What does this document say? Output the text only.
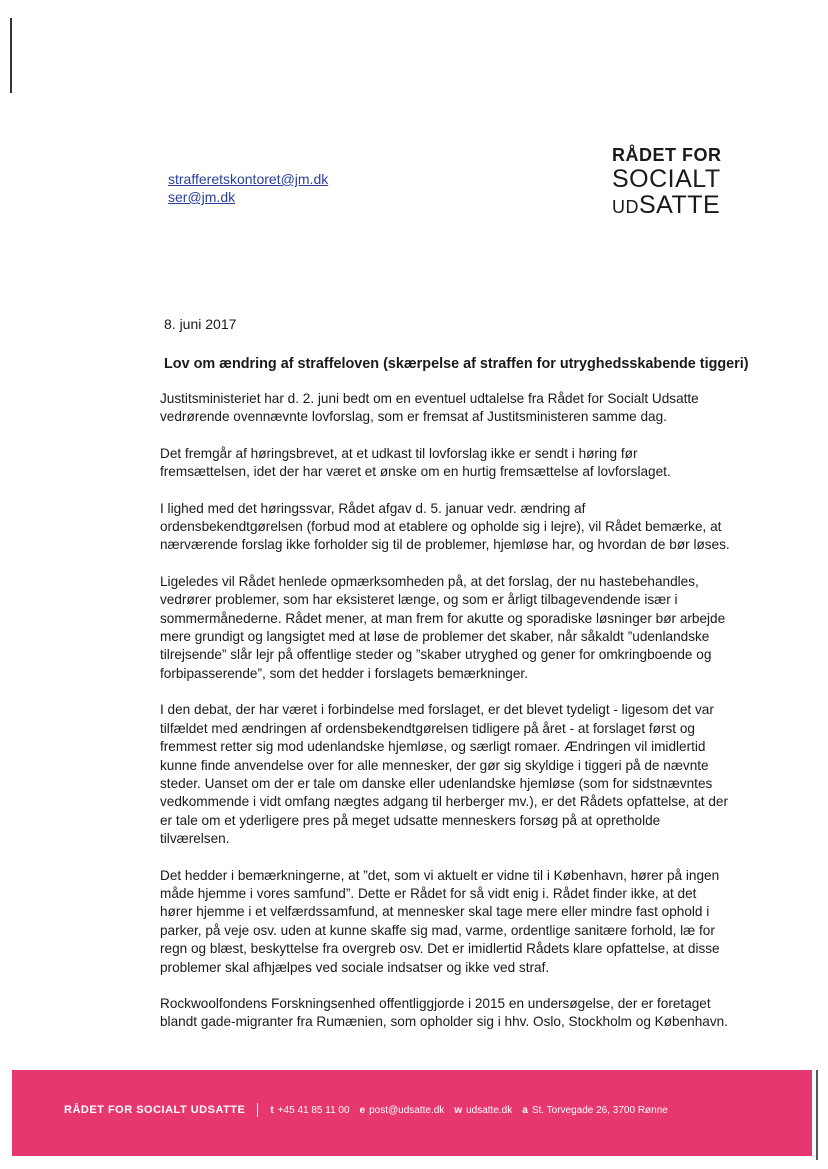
RÅDET FOR
SOCIALT
UDSATTE
strafferetskontoret@jm.dk
ser@jm.dk
8. juni 2017
Lov om ændring af straffeloven (skærpelse af straffen for utryghedsskabende tiggeri)

Justitsministeriet har d. 2. juni bedt om en eventuel udtalelse fra Rådet for Socialt Udsatte vedrørende ovennævnte lovforslag, som er fremsat af Justitsministeren samme dag.

Det fremgår af høringsbrevet, at et udkast til lovforslag ikke er sendt i høring før fremsættelsen, idet der har været et ønske om en hurtig fremsættelse af lovforslaget.

I lighed med det høringssvar, Rådet afgav d. 5. januar vedr. ændring af ordensbekendtgørelsen (forbud mod at etablere og opholde sig i lejre), vil Rådet bemærke, at nærværende forslag ikke forholder sig til de problemer, hjemløse har, og hvordan de bør løses.

Ligeledes vil Rådet henlede opmærksomheden på, at det forslag, der nu hastebehandles, vedrører problemer, som har eksisteret længe, og som er årligt tilbagevendende især i sommermånederne. Rådet mener, at man frem for akutte og sporadiske løsninger bør arbejde mere grundigt og langsigtet med at løse de problemer det skaber, når såkaldt ”udenlandske tilrejsende” slår lejr på offentlige steder og ”skaber utryghed og gener for omkringboende og forbipasserende”, som det hedder i forslagets bemærkninger.

I den debat, der har været i forbindelse med forslaget, er det blevet tydeligt - ligesom det var tilfældet med ændringen af ordensbekendtgørelsen tidligere på året - at forslaget først og fremmest retter sig mod udenlandske hjemløse, og særligt romaer. Ændringen vil imidlertid kunne finde anvendelse over for alle mennesker, der gør sig skyldige i tiggeri på de nævnte steder. Uanset om der er tale om danske eller udenlandske hjemløse (som for sidstnævntes vedkommende i vidt omfang nægtes adgang til herberger mv.), er det Rådets opfattelse, at der er tale om et yderligere pres på meget udsatte menneskers forsøg på at opretholde tilværelsen.

Det hedder i bemærkningerne, at ”det, som vi aktuelt er vidne til i København, hører på ingen måde hjemme i vores samfund”. Dette er Rådet for så vidt enig i. Rådet finder ikke, at det hører hjemme i et velfærdssamfund, at mennesker skal tage mere eller mindre fast ophold i parker, på veje osv. uden at kunne skaffe sig mad, varme, ordentlige sanitære forhold, læ for regn og blæst, beskyttelse fra overgreb osv. Det er imidlertid Rådets klare opfattelse, at disse problemer skal afhjælpes ved sociale indsatser og ikke ved straf.

Rockwoolfondens Forskningsenhed offentliggjorde i 2015 en undersøgelse, der er foretaget blandt gade-migranter fra Rumænien, som opholder sig i hhv. Oslo, Stockholm og København.

RÅDET FOR SOCIALT UDSATTE	t +45 41 85 11 00 e post@udsatte.dk w udsatte.dk a St. Torvegade 26, 3700 Rønne
